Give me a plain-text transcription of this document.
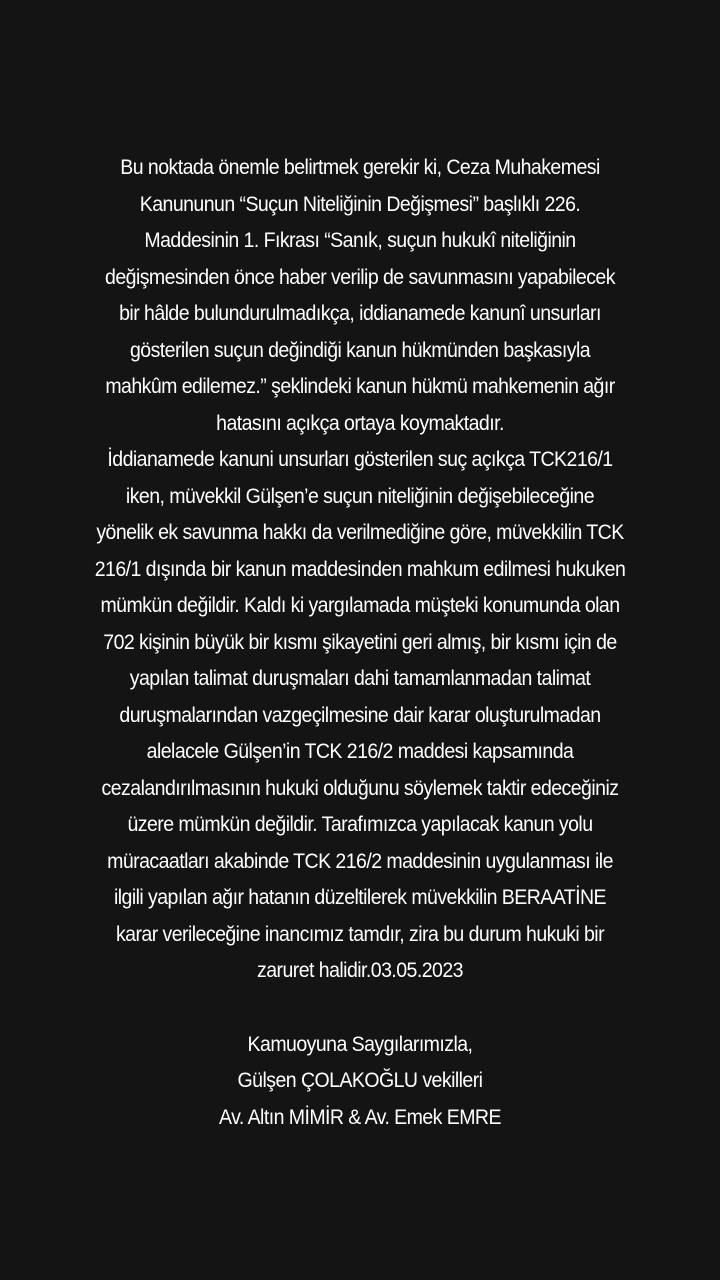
Bu noktada önemle belirtmek gerekir ki, Ceza Muhakemesi
Kanununun “Suçun Niteliğinin Değişmesi” başlıklı 226.
Maddesinin 1. Fıkrası “Sanık, suçun hukukî niteliğinin
değişmesinden önce haber verilip de savunmasını yapabilecek
bir hâlde bulundurulmadıkça, iddianamede kanunî unsurları
gösterilen suçun değindiği kanun hükmünden başkasıyla
mahkûm edilemez.” şeklindeki kanun hükmü mahkemenin ağır
hatasını açıkça ortaya koymaktadır.
İddianamede kanuni unsurları gösterilen suç açıkça TCK216/1
iken, müvekkil Gülşen’e suçun niteliğinin değişebileceğine
yönelik ek savunma hakkı da verilmediğine göre, müvekkilin TCK
216/1 dışında bir kanun maddesinden mahkum edilmesi hukuken
mümkün değildir. Kaldı ki yargılamada müşteki konumunda olan
702 kişinin büyük bir kısmı şikayetini geri almış, bir kısmı için de
yapılan talimat duruşmaları dahi tamamlanmadan talimat
duruşmalarından vazgeçilmesine dair karar oluşturulmadan
alelacele Gülşen’in TCK 216/2 maddesi kapsamında
cezalandırılmasının hukuki olduğunu söylemek taktir edeceğiniz
üzere mümkün değildir. Tarafımızca yapılacak kanun yolu
müracaatları akabinde TCK 216/2 maddesinin uygulanması ile
ilgili yapılan ağır hatanın düzeltilerek müvekkilin BERAATİNE
karar verileceğine inancımız tamdır, zira bu durum hukuki bir
zaruret halidir.03.05.2023
Kamuoyuna Saygılarımızla,
Gülşen ÇOLAKOĞLU vekilleri
Av. Altın MİMİR & Av. Emek EMRE
